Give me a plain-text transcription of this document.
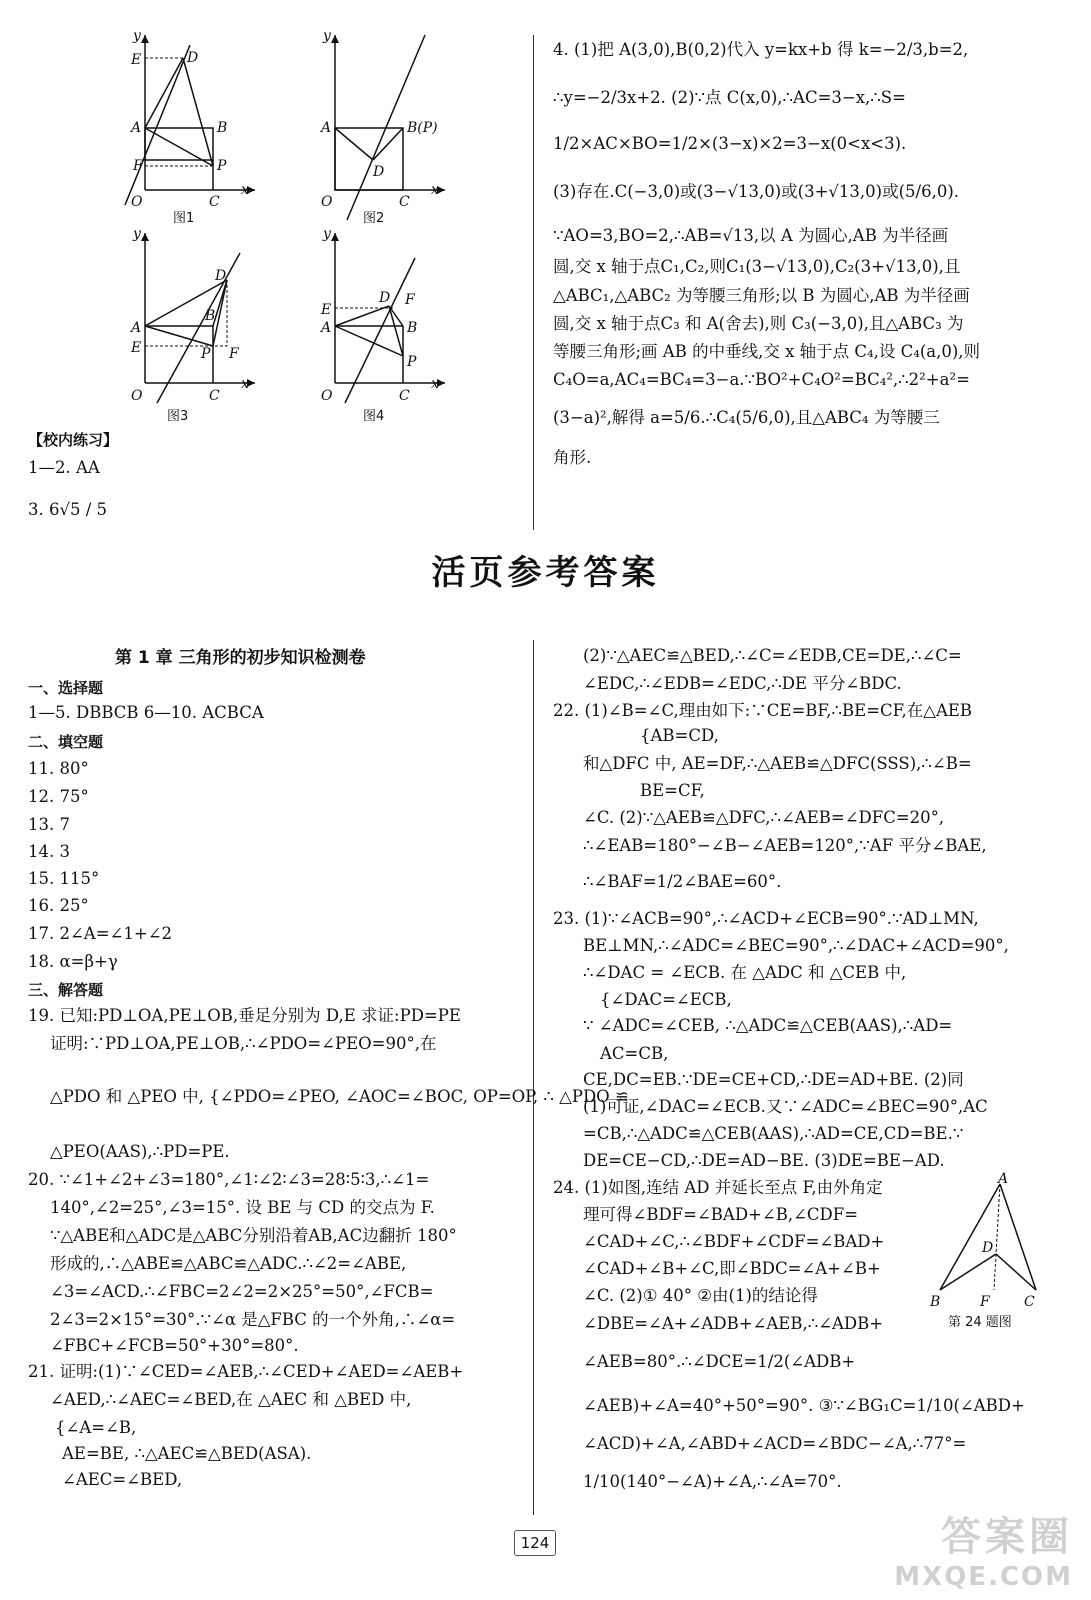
y
E	D
A	B
F	P
O	C
x
图1
y
A	B(P)
D
O	C
x
图2
y
D
B
A
E	P F
O	C
x
图3
y
E
D F
A	B
P
O	C
x
图4
【校内练习】
1—2. AA
3. 6√5 / 5
4. (1)把 A(3,0),B(0,2)代入 y=kx+b 得 k=−2/3,b=2,
∴y=−2/3x+2. (2)∵点 C(x,0),∴AC=3−x,∴S=
1/2×AC×BO=1/2×(3−x)×2=3−x(0<x<3).
(3)存在.C(−3,0)或(3−√13,0)或(3+√13,0)或(5/6,0).
∵AO=3,BO=2,∴AB=√13,以 A 为圆心,AB 为半径画
圆,交 x 轴于点C₁,C₂,则C₁(3−√13,0),C₂(3+√13,0),且
△ABC₁,△ABC₂ 为等腰三角形;以 B 为圆心,AB 为半径画
圆,交 x 轴于点C₃ 和 A(舍去),则 C₃(−3,0),且△ABC₃ 为
等腰三角形;画 AB 的中垂线,交 x 轴于点 C₄,设 C₄(a,0),则
C₄O=a,AC₄=BC₄=3−a.∵BO²+C₄O²=BC₄²,∴2²+a²=
(3−a)²,解得 a=5/6.∴C₄(5/6,0),且△ABC₄ 为等腰三
角形.
活页参考答案
第 1 章 三角形的初步知识检测卷
一、选择题
1—5. DBBCB 6—10. ACBCA
二、填空题
11. 80°
12. 75°
13. 7
14. 3
15. 115°
16. 25°
17. 2∠A=∠1+∠2
18. α=β+γ
三、解答题
19. 已知:PD⊥OA,PE⊥OB,垂足分别为 D,E 求证:PD=PE
证明:∵PD⊥OA,PE⊥OB,∴∠PDO=∠PEO=90°,在
△PDO 和 △PEO 中, {∠PDO=∠PEO, ∠AOC=∠BOC, OP=OP, ∴ △PDO ≌
△PEO(AAS),∴PD=PE.
20. ∵∠1+∠2+∠3=180°,∠1∶∠2∶∠3=28∶5∶3,∴∠1=
140°,∠2=25°,∠3=15°. 设 BE 与 CD 的交点为 F.
∵△ABE和△ADC是△ABC分别沿着AB,AC边翻折 180°
形成的,∴△ABE≌△ABC≌△ADC.∴∠2=∠ABE,
∠3=∠ACD.∴∠FBC=2∠2=2×25°=50°,∠FCB=
2∠3=2×15°=30°.∵∠α 是△FBC 的一个外角,∴∠α=
∠FBC+∠FCB=50°+30°=80°.
21. 证明:(1)∵∠CED=∠AEB,∴∠CED+∠AED=∠AEB+
∠AED,∴∠AEC=∠BED,在 △AEC 和 △BED 中,
{∠A=∠B,
AE=BE, ∴△AEC≌△BED(ASA).
∠AEC=∠BED,
(2)∵△AEC≌△BED,∴∠C=∠EDB,CE=DE,∴∠C=
∠EDC,∴∠EDB=∠EDC,∴DE 平分∠BDC.
22. (1)∠B=∠C,理由如下:∵CE=BF,∴BE=CF,在△AEB
{AB=CD,
和△DFC 中, AE=DF,∴△AEB≌△DFC(SSS),∴∠B=
BE=CF,
∠C. (2)∵△AEB≌△DFC,∴∠AEB=∠DFC=20°,
∴∠EAB=180°−∠B−∠AEB=120°,∵AF 平分∠BAE,
∴∠BAF=1/2∠BAE=60°.
23. (1)∵∠ACB=90°,∴∠ACD+∠ECB=90°.∵AD⊥MN,
BE⊥MN,∴∠ADC=∠BEC=90°,∴∠DAC+∠ACD=90°,
∴∠DAC = ∠ECB. 在 △ADC 和 △CEB 中,
{∠DAC=∠ECB,
∵ ∠ADC=∠CEB, ∴△ADC≌△CEB(AAS),∴AD=
AC=CB,
CE,DC=EB.∵DE=CE+CD,∴DE=AD+BE. (2)同
(1)可证,∠DAC=∠ECB.又∵∠ADC=∠BEC=90°,AC
=CB,∴△ADC≌△CEB(AAS),∴AD=CE,CD=BE.∵
DE=CE−CD,∴DE=AD−BE. (3)DE=BE−AD.
24. (1)如图,连结 AD 并延长至点 F,由外角定
理可得∠BDF=∠BAD+∠B,∠CDF=
∠CAD+∠C,∴∠BDF+∠CDF=∠BAD+
∠CAD+∠B+∠C,即∠BDC=∠A+∠B+
∠C. (2)① 40° ②由(1)的结论得
∠DBE=∠A+∠ADB+∠AEB,∴∠ADB+
∠AEB=80°.∴∠DCE=1/2(∠ADB+
∠AEB)+∠A=40°+50°=90°. ③∵∠BG₁C=1/10(∠ABD+
∠ACD)+∠A,∠ABD+∠ACD=∠BDC−∠A,∴77°=
1/10(140°−∠A)+∠A,∴∠A=70°.
A
D
B	F C
第 24 题图
124	答案圈
MXQE.COM
